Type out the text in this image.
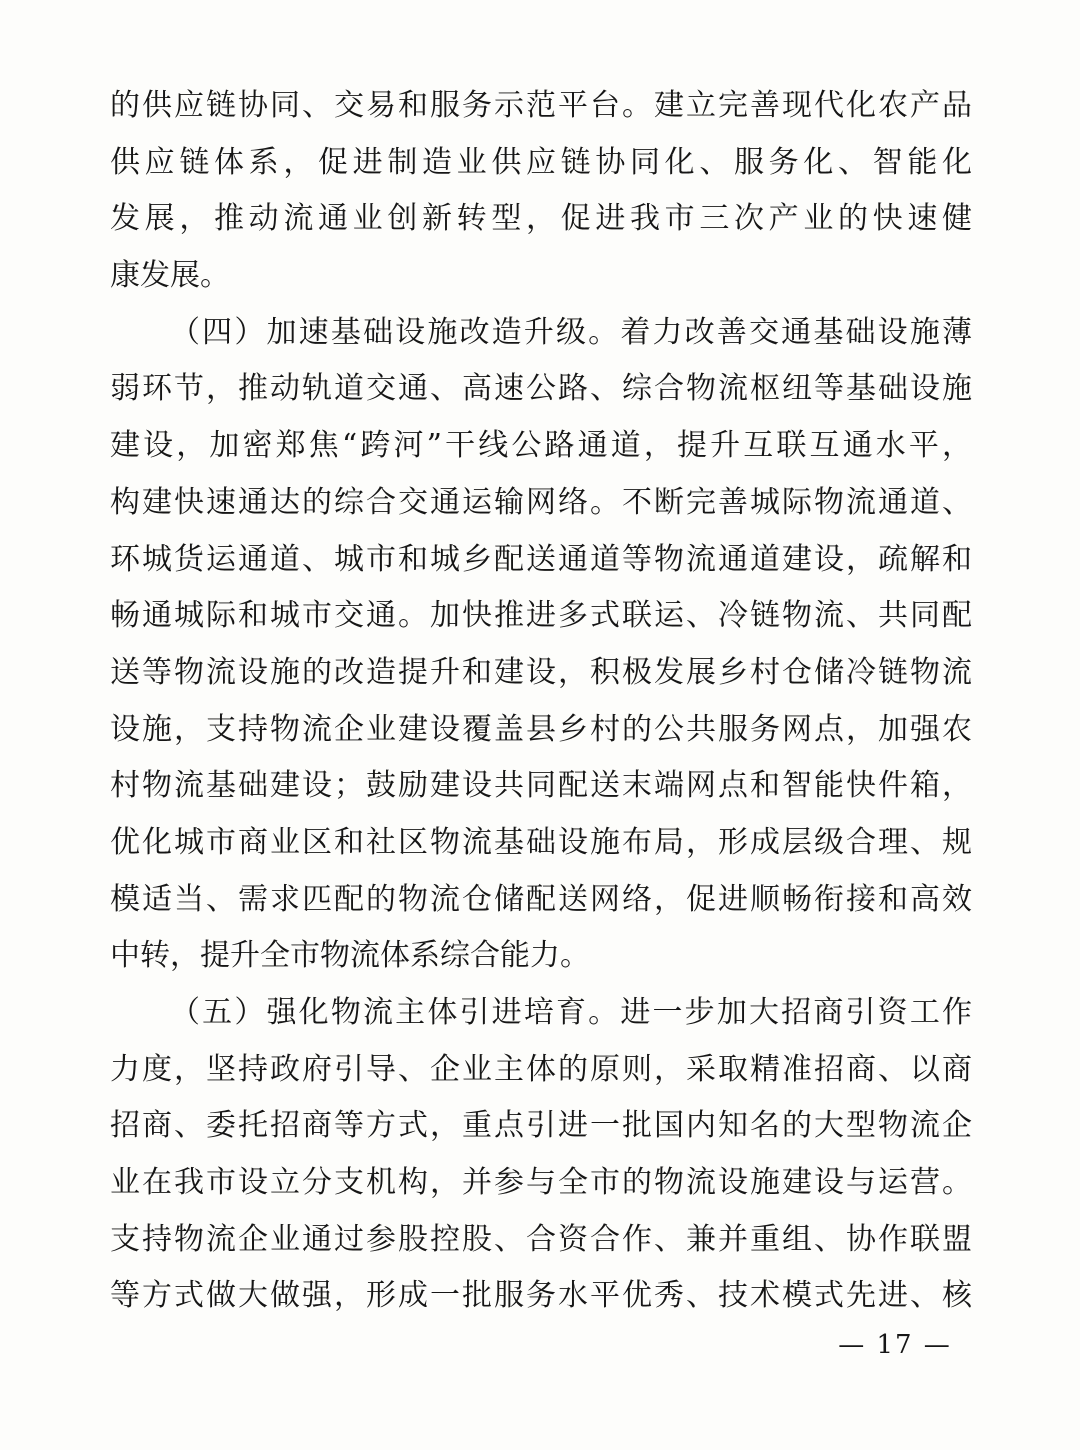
的供应链协同、交易和服务示范平台。建立完善现代化农产品
供应链体系，促进制造业供应链协同化、服务化、智能化
发展，推动流通业创新转型，促进我市三次产业的快速健
康发展。
（四）加速基础设施改造升级。着力改善交通基础设施薄
弱环节，推动轨道交通、高速公路、综合物流枢纽等基础设施
建设，加密郑焦“跨河”干线公路通道，提升互联互通水平，
构建快速通达的综合交通运输网络。不断完善城际物流通道、
环城货运通道、城市和城乡配送通道等物流通道建设，疏解和
畅通城际和城市交通。加快推进多式联运、冷链物流、共同配
送等物流设施的改造提升和建设，积极发展乡村仓储冷链物流
设施，支持物流企业建设覆盖县乡村的公共服务网点，加强农
村物流基础建设；鼓励建设共同配送末端网点和智能快件箱，
优化城市商业区和社区物流基础设施布局，形成层级合理、规
模适当、需求匹配的物流仓储配送网络，促进顺畅衔接和高效
中转，提升全市物流体系综合能力。
（五）强化物流主体引进培育。进一步加大招商引资工作
力度，坚持政府引导、企业主体的原则，采取精准招商、以商
招商、委托招商等方式，重点引进一批国内知名的大型物流企
业在我市设立分支机构，并参与全市的物流设施建设与运营。
支持物流企业通过参股控股、合资合作、兼并重组、协作联盟
等方式做大做强，形成一批服务水平优秀、技术模式先进、核
— 17 —
